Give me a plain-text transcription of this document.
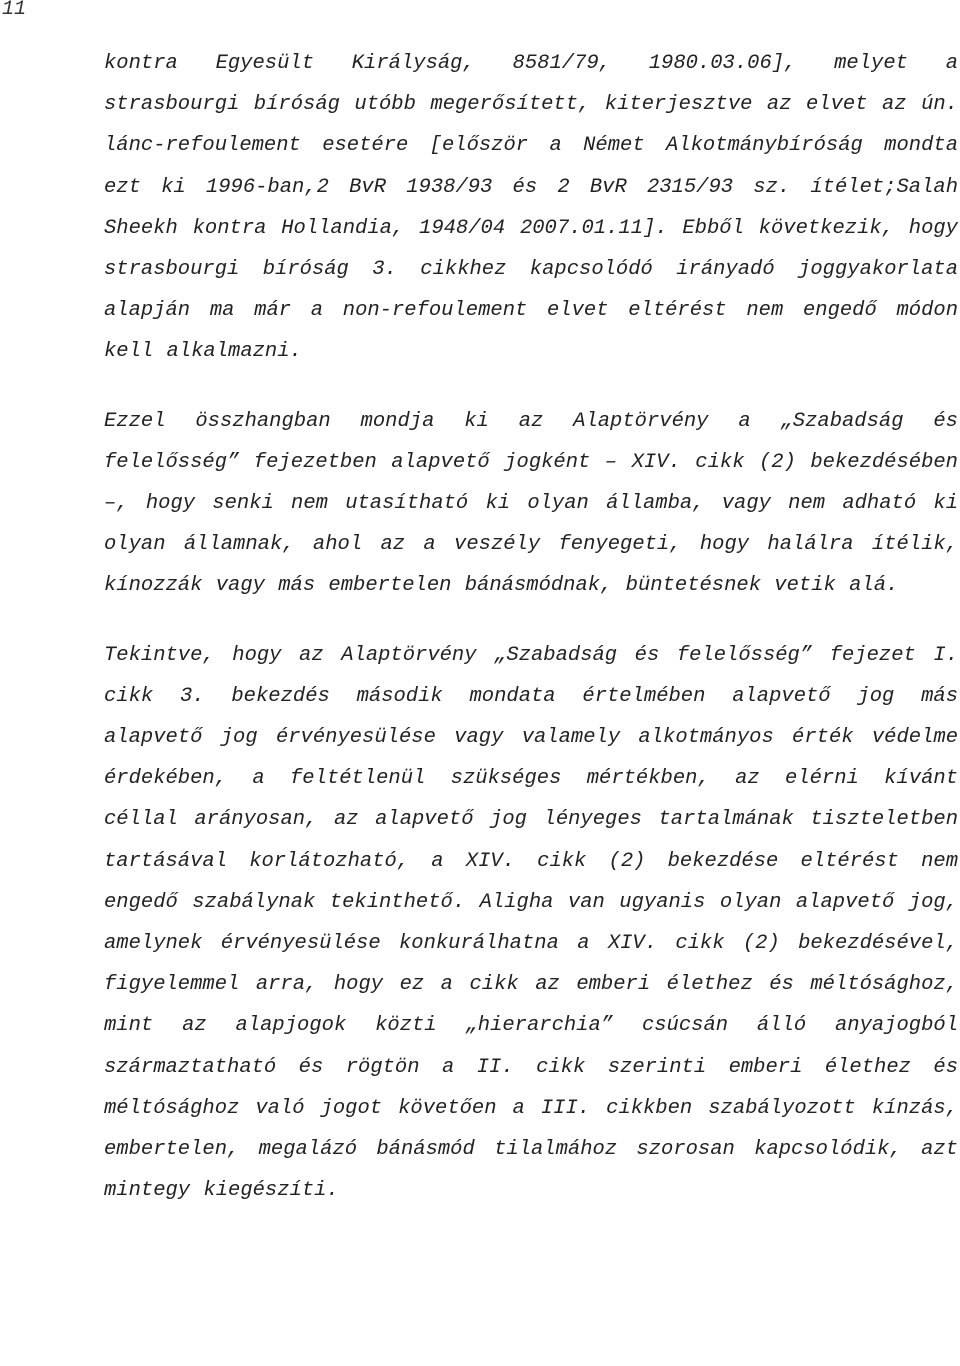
11

kontra Egyesült Királyság, 8581/79, 1980.03.06], melyet a strasbourgi bíróság utóbb megerősített, kiterjesztve az elvet az ún. lánc-refoulement esetére [először a Német Alkotmánybíróság mondta ezt ki 1996-ban,2 BvR 1938/93 és 2 BvR 2315/93 sz. ítélet;Salah Sheekh kontra Hollandia, 1948/04 2007.01.11]. Ebből következik, hogy strasbourgi bíróság 3. cikkhez kapcsolódó irányadó joggyakorlata alapján ma már a non-refoulement elvet eltérést nem engedő módon kell alkalmazni.

Ezzel összhangban mondja ki az Alaptörvény a „Szabadság és felelősség” fejezetben alapvető jogként – XIV. cikk (2) bekezdésében –, hogy senki nem utasítható ki olyan államba, vagy nem adható ki olyan államnak, ahol az a veszély fenyegeti, hogy halálra ítélik, kínozzák vagy más embertelen bánásmódnak, büntetésnek vetik alá.

Tekintve, hogy az Alaptörvény „Szabadság és felelősség” fejezet I. cikk 3. bekezdés második mondata értelmében alapvető jog más alapvető jog érvényesülése vagy valamely alkotmányos érték védelme érdekében, a feltétlenül szükséges mértékben, az elérni kívánt céllal arányosan, az alapvető jog lényeges tartalmának tiszteletben tartásával korlátozható, a XIV. cikk (2) bekezdése eltérést nem engedő szabálynak tekinthető. Aligha van ugyanis olyan alapvető jog, amelynek érvényesülése konkurálhatna a XIV. cikk (2) bekezdésével, figyelemmel arra, hogy ez a cikk az emberi élethez és méltósághoz, mint az alapjogok közti „hierarchia” csúcsán álló anyajogból származtatható és rögtön a II. cikk szerinti emberi élethez és méltósághoz való jogot követően a III. cikkben szabályozott kínzás, embertelen, megalázó bánásmód tilalmához szorosan kapcsolódik, azt mintegy kiegészíti.
